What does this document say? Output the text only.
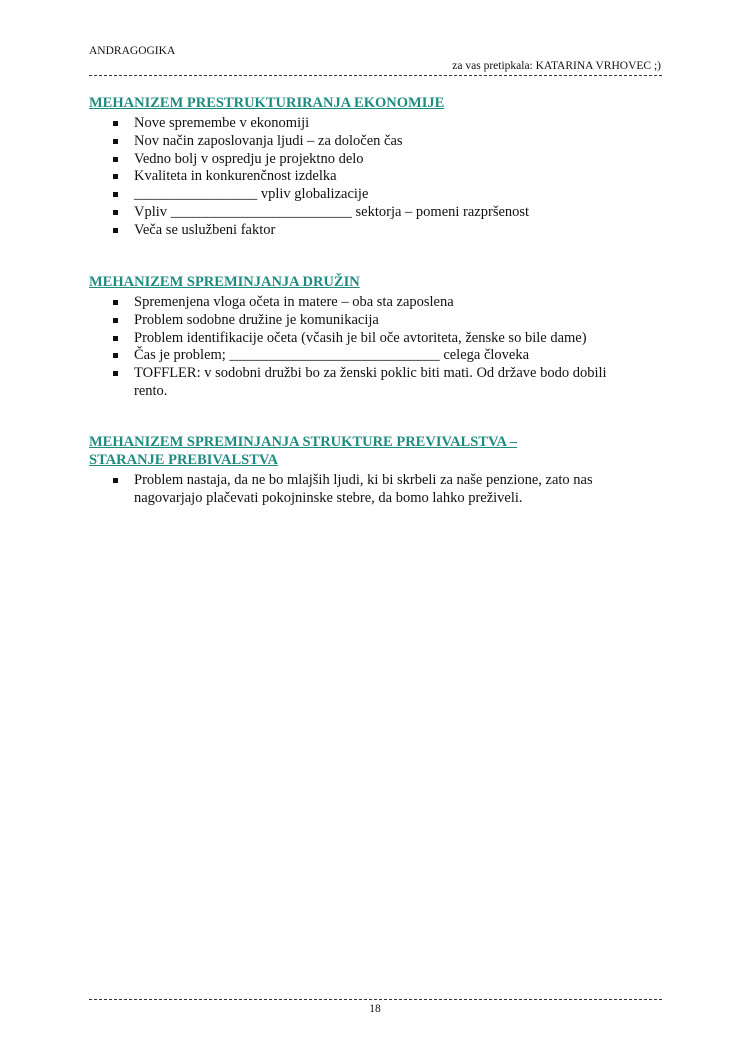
ANDRAGOGIKA
za vas pretipkala: KATARINA VRHOVEC ;)
MEHANIZEM PRESTRUKTURIRANJA EKONOMIJE
Nove spremembe v ekonomiji
Nov način zaposlovanja ljudi – za določen čas
Vedno bolj v ospredju je projektno delo
Kvaliteta in konkurenčnost izdelka
_________________ vpliv globalizacije
Vpliv _________________________ sektorja – pomeni razpršenost
Veča se uslužbeni faktor
MEHANIZEM SPREMINJANJA DRUŽIN
Spremenjena vloga očeta in matere – oba sta zaposlena
Problem sodobne družine je komunikacija
Problem identifikacije očeta (včasih je bil oče avtoriteta, ženske so bile dame)
Čas je problem; _____________________________ celega človeka
TOFFLER: v sodobni družbi bo za ženski poklic biti mati. Od države bodo dobili rento.
MEHANIZEM SPREMINJANJA STRUKTURE PREVIVALSTVA – STARANJE PREBIVALSTVA
Problem nastaja, da ne bo mlajših ljudi, ki bi skrbeli za naše penzione, zato nas nagovarjajo plačevati pokojninske stebre, da bomo lahko preživeli.
18
